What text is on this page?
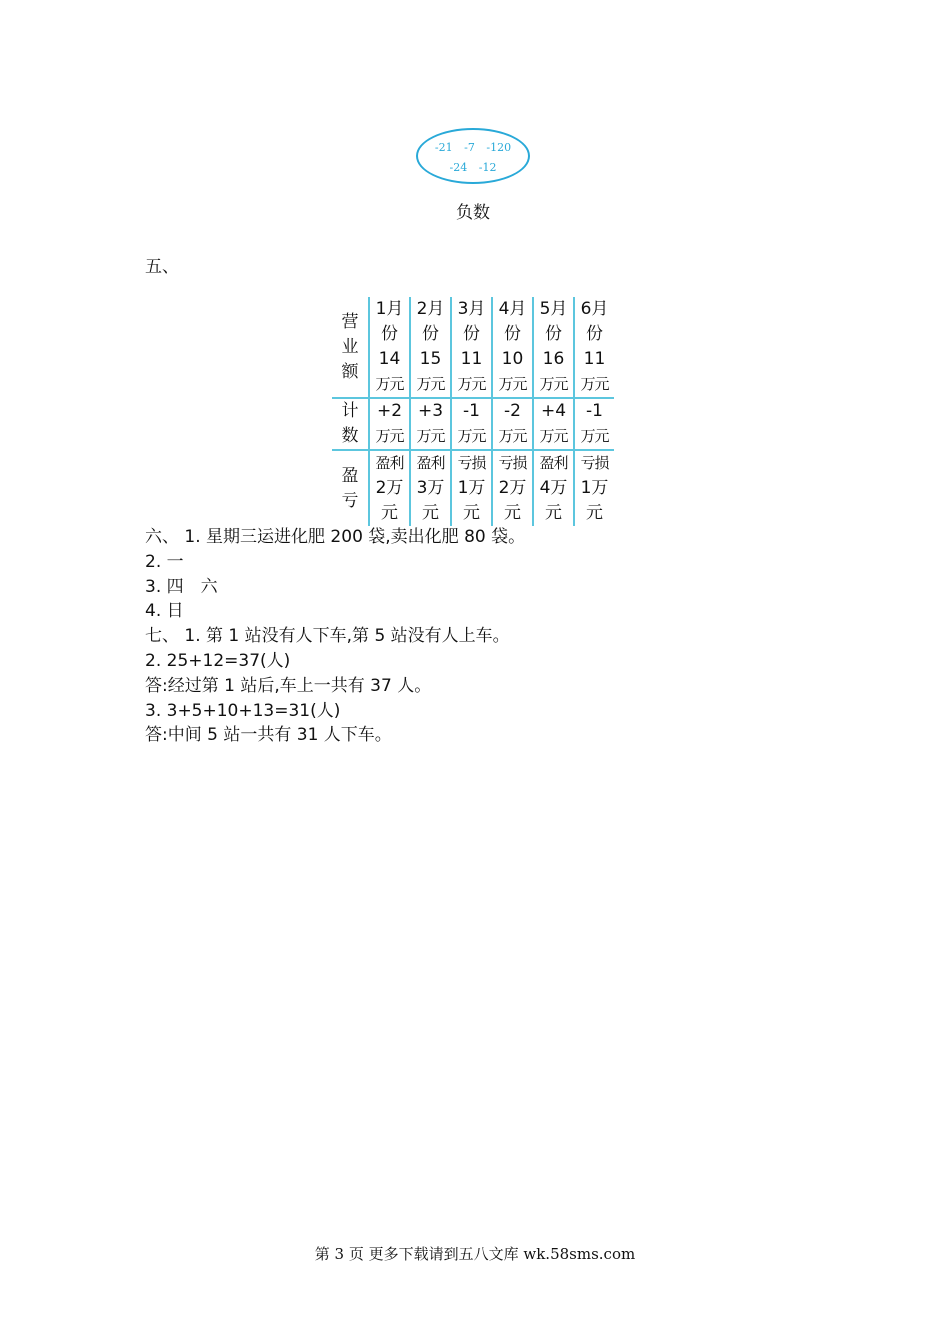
-21 -7 -120
-24 -12
负数
五、
营
业
额	1月
份
14
万元	2月
份
15
万元	3月
份
11
万元	4月
份
10
万元	5月
份
16
万元	6月
份
11
万元

计
数	+2
万元	+3
万元	-1
万元	-2
万元	+4
万元	-1
万元

盈
亏	盈利
2万
元	盈利
3万
元	亏损
1万
元	亏损
2万
元	盈利
4万
元	亏损
1万
元
六、 1. 星期三运进化肥 200 袋,卖出化肥 80 袋。
2. 一
3. 四　六
4. 日
七、 1. 第 1 站没有人下车,第 5 站没有人上车。
2. 25+12=37(人)
答:经过第 1 站后,车上一共有 37 人。
3. 3+5+10+13=31(人)
答:中间 5 站一共有 31 人下车。
第 3 页 更多下载请到五八文库 wk.58sms.com
